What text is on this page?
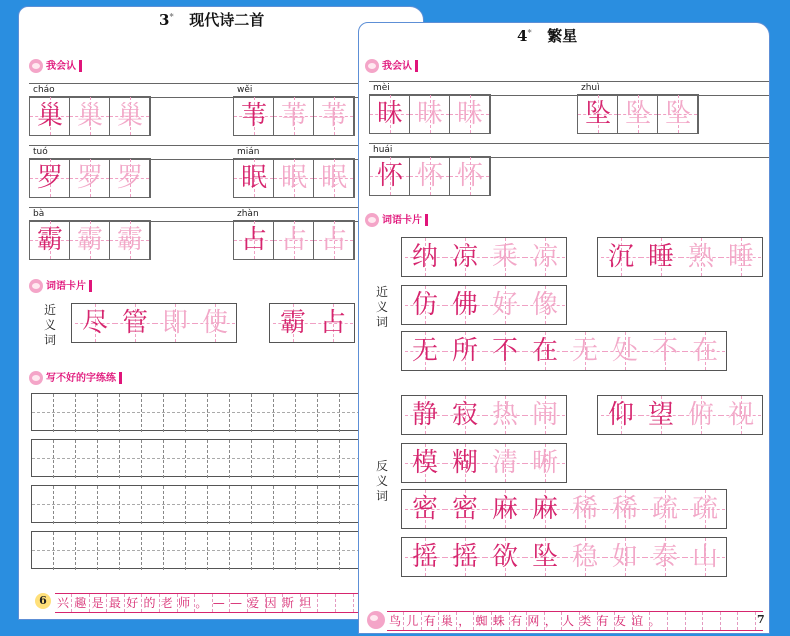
3* 现代诗二首
我会认
cháo	wěi
巢 巢 巢	苇 苇 苇
tuó	mián
罗 罗 罗	眠 眠 眠
bà	zhàn
霸 霸 霸	占 占 占
词语卡片
近
义
词
尽 管 即 使 霸 占
写不好的字练练
6 兴趣是最好的老师。——爱因斯坦
4* 繁星
我会认
mèi	zhuì
昧 昧 昧	坠 坠 坠
huái
怀 怀 怀
词语卡片
近
义
词
反
义
词
纳 凉 乘 凉 沉 睡 熟 睡
仿 佛 好 像
无 所 不 在 无 处 不 在
静 寂 热 闹 仰 望 俯 视
模 糊 清 晰
密 密 麻 麻 稀 稀 疏 疏
摇 摇 欲 坠 稳 如 泰 山
鸟儿有巢，蜘蛛有网，人类有友谊。	7
